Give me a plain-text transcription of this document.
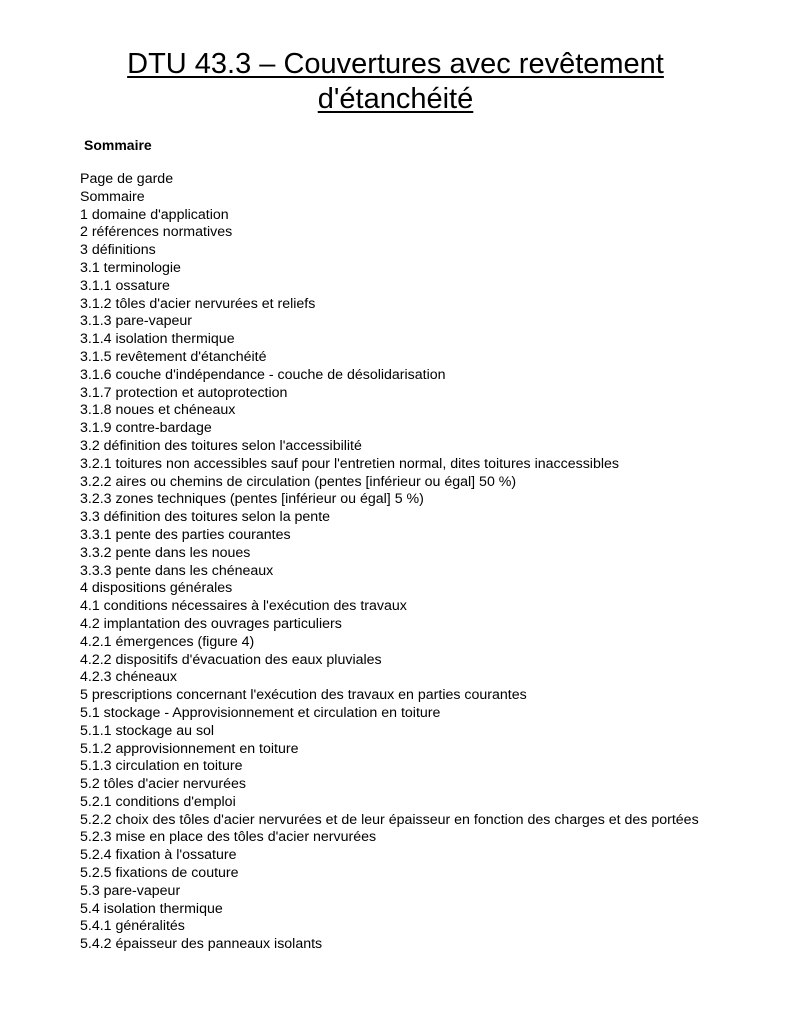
DTU 43.3 – Couvertures avec revêtement
d'étanchéité
Sommaire
Page de garde
Sommaire
1 domaine d'application
2 références normatives
3 définitions
3.1 terminologie
3.1.1 ossature
3.1.2 tôles d'acier nervurées et reliefs
3.1.3 pare-vapeur
3.1.4 isolation thermique
3.1.5 revêtement d'étanchéité
3.1.6 couche d'indépendance - couche de désolidarisation
3.1.7 protection et autoprotection
3.1.8 noues et chéneaux
3.1.9 contre-bardage
3.2 définition des toitures selon l'accessibilité
3.2.1 toitures non accessibles sauf pour l'entretien normal, dites toitures inaccessibles
3.2.2 aires ou chemins de circulation (pentes [inférieur ou égal] 50 %)
3.2.3 zones techniques (pentes [inférieur ou égal] 5 %)
3.3 définition des toitures selon la pente
3.3.1 pente des parties courantes
3.3.2 pente dans les noues
3.3.3 pente dans les chéneaux
4 dispositions générales
4.1 conditions nécessaires à l'exécution des travaux
4.2 implantation des ouvrages particuliers
4.2.1 émergences (figure 4)
4.2.2 dispositifs d'évacuation des eaux pluviales
4.2.3 chéneaux
5 prescriptions concernant l'exécution des travaux en parties courantes
5.1 stockage - Approvisionnement et circulation en toiture
5.1.1 stockage au sol
5.1.2 approvisionnement en toiture
5.1.3 circulation en toiture
5.2 tôles d'acier nervurées
5.2.1 conditions d'emploi
5.2.2 choix des tôles d'acier nervurées et de leur épaisseur en fonction des charges et des portées
5.2.3 mise en place des tôles d'acier nervurées
5.2.4 fixation à l'ossature
5.2.5 fixations de couture
5.3 pare-vapeur
5.4 isolation thermique
5.4.1 généralités
5.4.2 épaisseur des panneaux isolants
